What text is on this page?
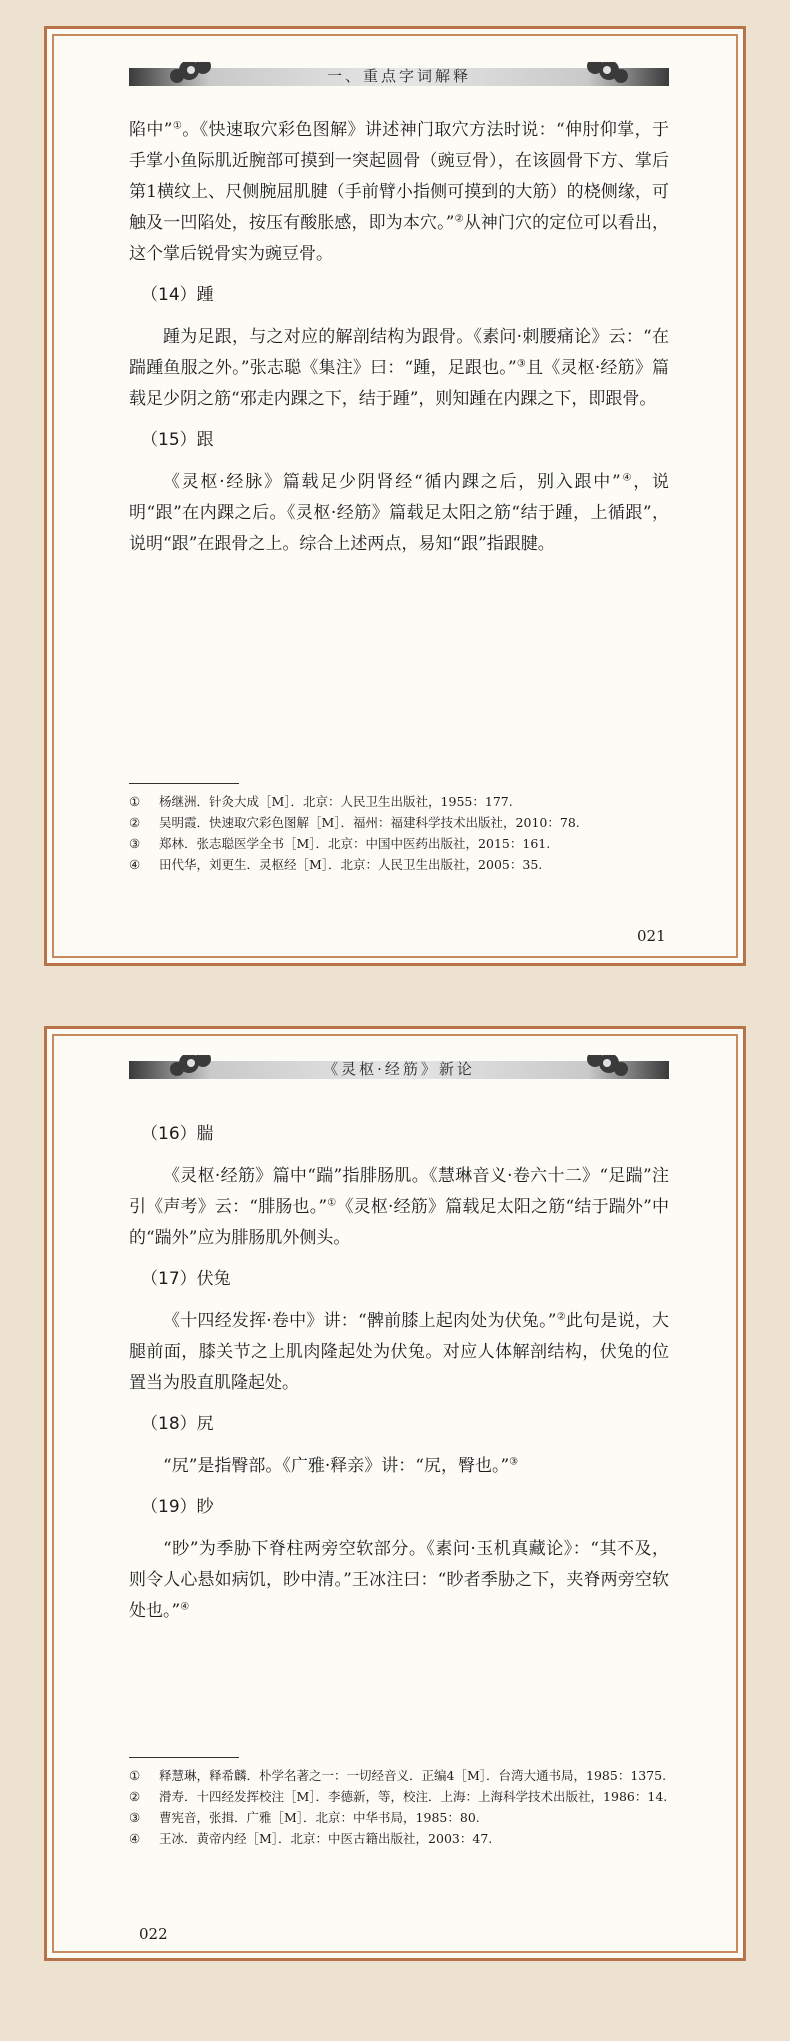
一、重点字词解释

陷中”①。《快速取穴彩色图解》讲述神门取穴方法时说：“伸肘仰掌，于手掌小鱼际肌近腕部可摸到一突起圆骨（豌豆骨），在该圆骨下方、掌后第1横纹上、尺侧腕屈肌腱（手前臂小指侧可摸到的大筋）的桡侧缘，可触及一凹陷处，按压有酸胀感，即为本穴。”②从神门穴的定位可以看出，这个掌后锐骨实为豌豆骨。

（14）踵

踵为足跟，与之对应的解剖结构为跟骨。《素问·刺腰痛论》云：“在踹踵鱼服之外。”张志聪《集注》曰：“踵，足跟也。”③且《灵枢·经筋》篇载足少阴之筋“邪走内踝之下，结于踵”，则知踵在内踝之下，即跟骨。

（15）跟

《灵枢·经脉》篇载足少阴肾经“循内踝之后，别入跟中”④，说明“跟”在内踝之后。《灵枢·经筋》篇载足太阳之筋“结于踵，上循跟”，说明“跟”在跟骨之上。综合上述两点，易知“跟”指跟腱。

① 杨继洲．针灸大成［M］．北京：人民卫生出版社，1955：177.
② 吴明霞．快速取穴彩色图解［M］．福州：福建科学技术出版社，2010：78.
③ 郑林．张志聪医学全书［M］．北京：中国中医药出版社，2015：161.
④ 田代华，刘更生．灵枢经［M］．北京：人民卫生出版社，2005：35.
021
《灵枢·经筋》新论
（16）腨

《灵枢·经筋》篇中“踹”指腓肠肌。《慧琳音义·卷六十二》“足踹”注引《声考》云：“腓肠也。”①《灵枢·经筋》篇载足太阳之筋“结于踹外”中的“踹外”应为腓肠肌外侧头。

（17）伏兔

《十四经发挥·卷中》讲：“髀前膝上起肉处为伏兔。”②此句是说，大腿前面，膝关节之上肌肉隆起处为伏兔。对应人体解剖结构，伏兔的位置当为股直肌隆起处。

（18）尻

“尻”是指臀部。《广雅·释亲》讲：“尻，臀也。”③

（19）眇

“眇”为季胁下脊柱两旁空软部分。《素问·玉机真藏论》：“其不及，则令人心悬如病饥，眇中清。”王冰注曰：“眇者季胁之下，夹脊两旁空软处也。”④

① 释慧琳，释希麟．朴学名著之一：一切经音义．正编4［M］．台湾大通书局，1985：1375.
② 滑寿．十四经发挥校注［M］．李德新，等，校注．上海：上海科学技术出版社，1986：14.
③ 曹宪音，张揖．广雅［M］．北京：中华书局，1985：80.
④ 王冰．黄帝内经［M］．北京：中医古籍出版社，2003：47.
022
